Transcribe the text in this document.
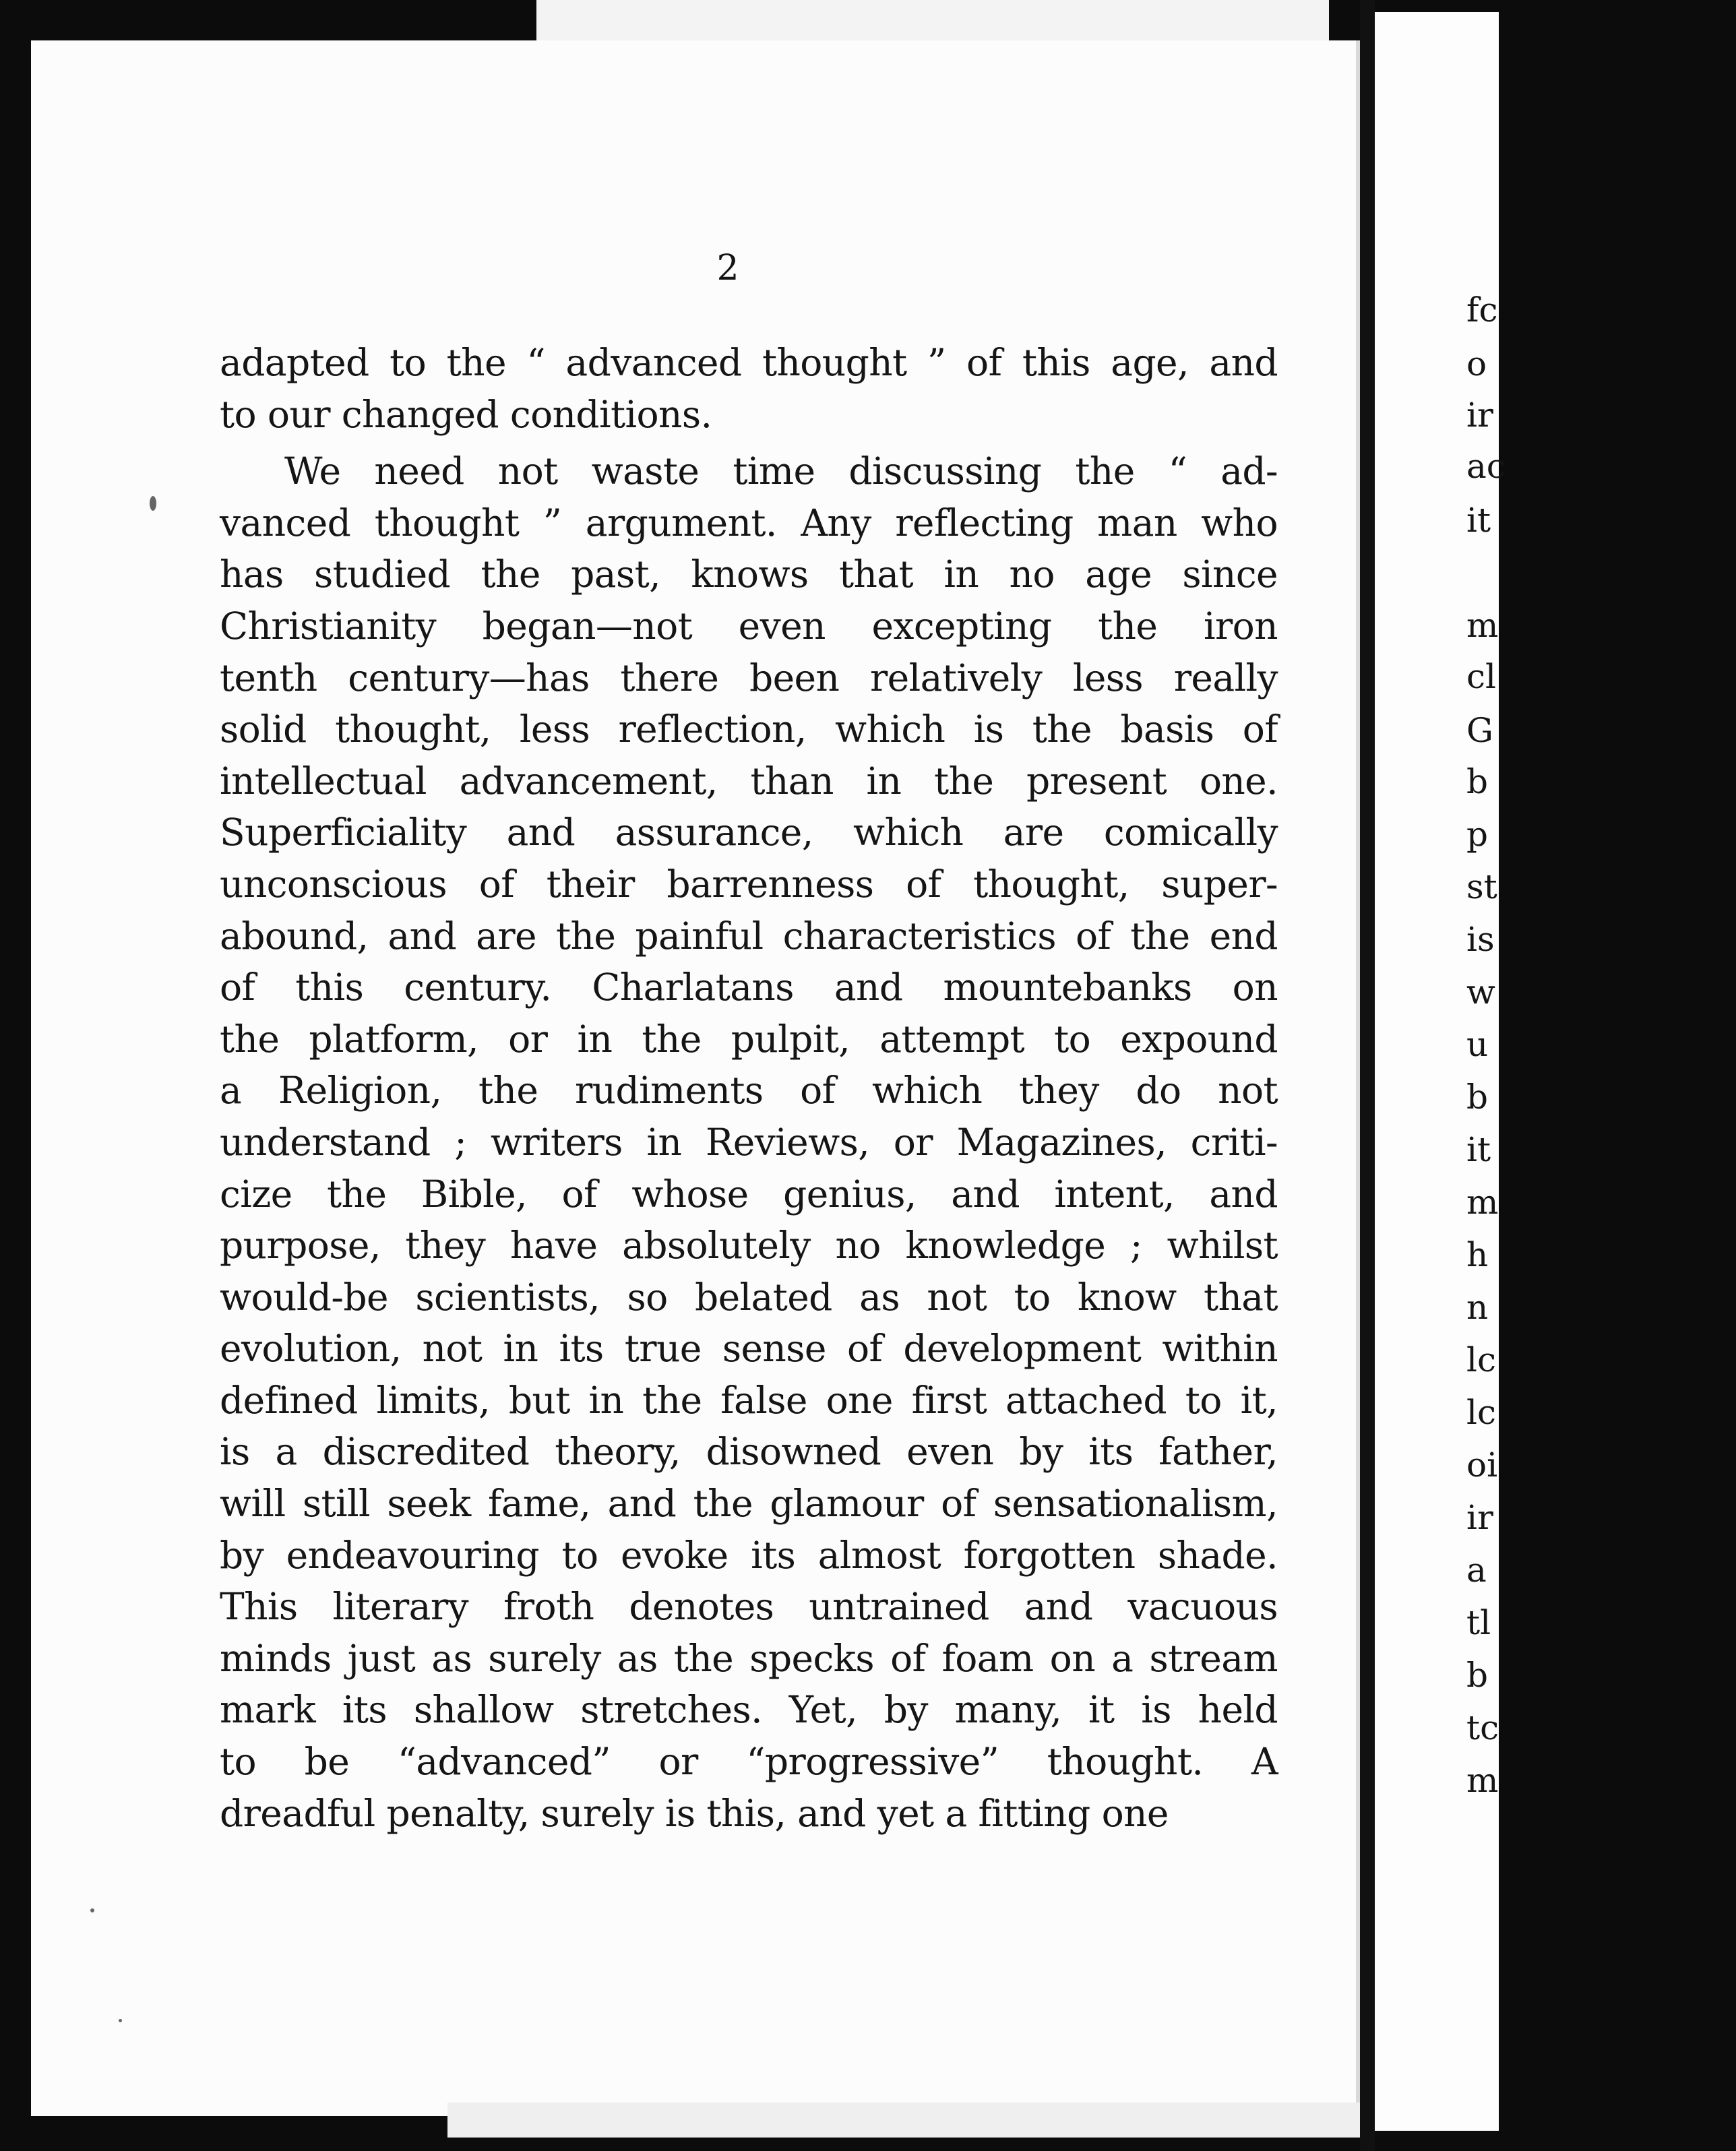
fc
o
ir
ac
it
m
cl
G
b
p
st
is
w
u
b
it
m
h
n
lc
lc
oi
ir
a
tl
b
tc
m
2
adapted to the “ advanced thought ” of this age, and
to our changed conditions.
We need not waste time discussing the “ ad-
vanced thought ” argument. Any reflecting man who
has studied the past, knows that in no age since
Christianity began—not even excepting the iron
tenth century—has there been relatively less really
solid thought, less reflection, which is the basis of
intellectual advancement, than in the present one.
Superficiality and assurance, which are comically
unconscious of their barrenness of thought, super-
abound, and are the painful characteristics of the end
of this century. Charlatans and mountebanks on
the platform, or in the pulpit, attempt to expound
a Religion, the rudiments of which they do not
understand ; writers in Reviews, or Magazines, criti-
cize the Bible, of whose genius, and intent, and
purpose, they have absolutely no knowledge ; whilst
would-be scientists, so belated as not to know that
evolution, not in its true sense of development within
defined limits, but in the false one first attached to it,
is a discredited theory, disowned even by its father,
will still seek fame, and the glamour of sensationalism,
by endeavouring to evoke its almost forgotten shade.
This literary froth denotes untrained and vacuous
minds just as surely as the specks of foam on a stream
mark its shallow stretches. Yet, by many, it is held
to be “advanced” or “progressive” thought. A
dreadful penalty, surely is this, and yet a fitting one
